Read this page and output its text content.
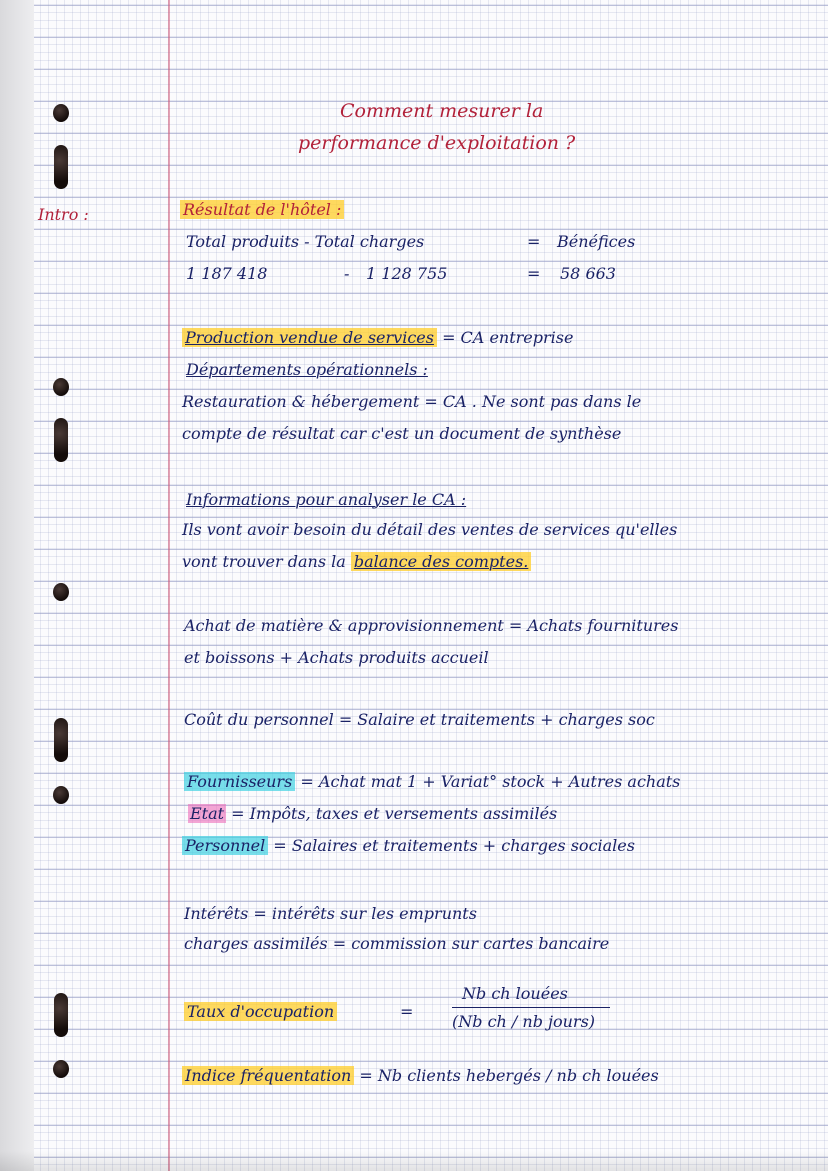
Comment mesurer la
performance d'exploitation ?
Intro :	Résultat de l'hôtel :
Total produits - Total charges	= Bénéfices
1 187 418	- 1 128 755	= 58 663
Production vendue de services = CA entreprise
Départements opérationnels :
Restauration & hébergement = CA . Ne sont pas dans le
compte de résultat car c'est un document de synthèse
Informations pour analyser le CA :
Ils vont avoir besoin du détail des ventes de services qu'elles
vont trouver dans la balance des comptes.
Achat de matière & approvisionnement = Achats fournitures
et boissons + Achats produits accueil
Coût du personnel = Salaire et traitements + charges soc
Fournisseurs = Achat mat 1 + Variat° stock + Autres achats
Etat = Impôts, taxes et versements assimilés
Personnel = Salaires et traitements + charges sociales
Intérêts = intérêts sur les emprunts
charges assimilés = commission sur cartes bancaire
Taux d'occupation	=
Nb ch louées
(Nb ch / nb jours)
Indice fréquentation = Nb clients hebergés / nb ch louées
